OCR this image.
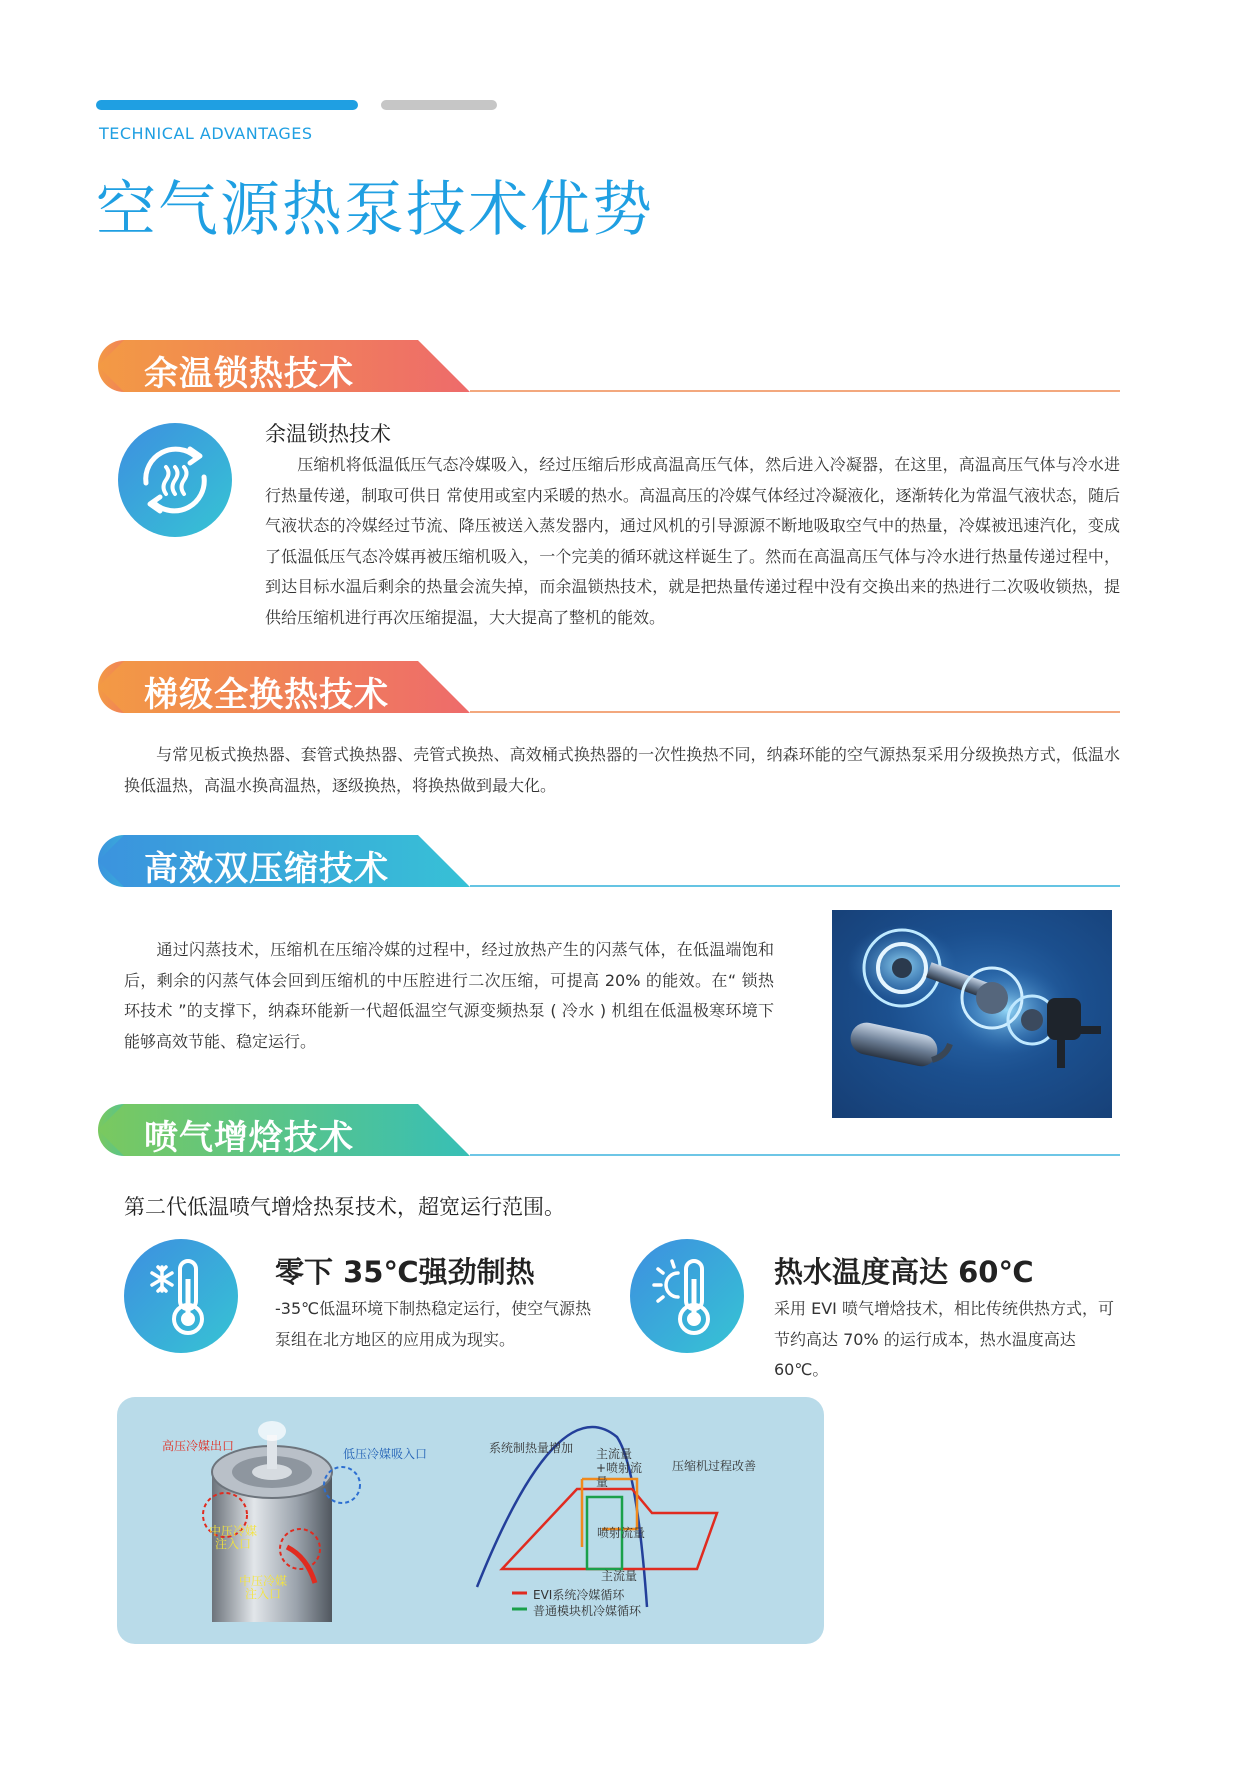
TECHNICAL ADVANTAGES
空气源热泵技术优势
余温锁热技术
余温锁热技术
　　压缩机将低温低压气态冷媒吸入，经过压缩后形成高温高压气体，然后进入冷凝器，在这里，高温高压气体与冷水进行热量传递，制取可供日 常使用或室内采暖的热水。高温高压的冷媒气体经过冷凝液化，逐渐转化为常温气液状态，随后气液状态的冷媒经过节流、降压被送入蒸发器内，通过风机的引导源源不断地吸取空气中的热量，冷媒被迅速汽化，变成了低温低压气态冷媒再被压缩机吸入，一个完美的循环就这样诞生了。然而在高温高压气体与冷水进行热量传递过程中，到达目标水温后剩余的热量会流失掉，而余温锁热技术，就是把热量传递过程中没有交换出来的热进行二次吸收锁热，提供给压缩机进行再次压缩提温，大大提高了整机的能效。
梯级全换热技术
　　与常见板式换热器、套管式换热器、壳管式换热、高效桶式换热器的一次性换热不同，纳森环能的空气源热泵采用分级换热方式，低温水换低温热，高温水换高温热，逐级换热，将换热做到最大化。
高效双压缩技术
　　通过闪蒸技术，压缩机在压缩冷媒的过程中，经过放热产生的闪蒸气体，在低温端饱和后，剩余的闪蒸气体会回到压缩机的中压腔进行二次压缩，可提高 20% 的能效。在“ 锁热环技术 ”的支撑下，纳森环能新一代超低温空气源变频热泵 ( 冷水 ) 机组在低温极寒环境下能够高效节能、稳定运行。
喷气增焓技术
第二代低温喷气增焓热泵技术，超宽运行范围。
零下 35℃强劲制热
-35℃低温环境下制热稳定运行，使空气源热泵组在北方地区的应用成为现实。
热水温度高达 60℃
采用 EVI 喷气增焓技术，相比传统供热方式，可节约高达 70% 的运行成本，热水温度高达 60℃。
高压冷媒出口
低压冷媒吸入口
中压冷媒注入口
中压冷媒注入口
系统制热量增加 主流量+喷射流量
压缩机过程改善
喷射流量
主流量
EVI系统冷媒循环
普通模块机冷媒循环
